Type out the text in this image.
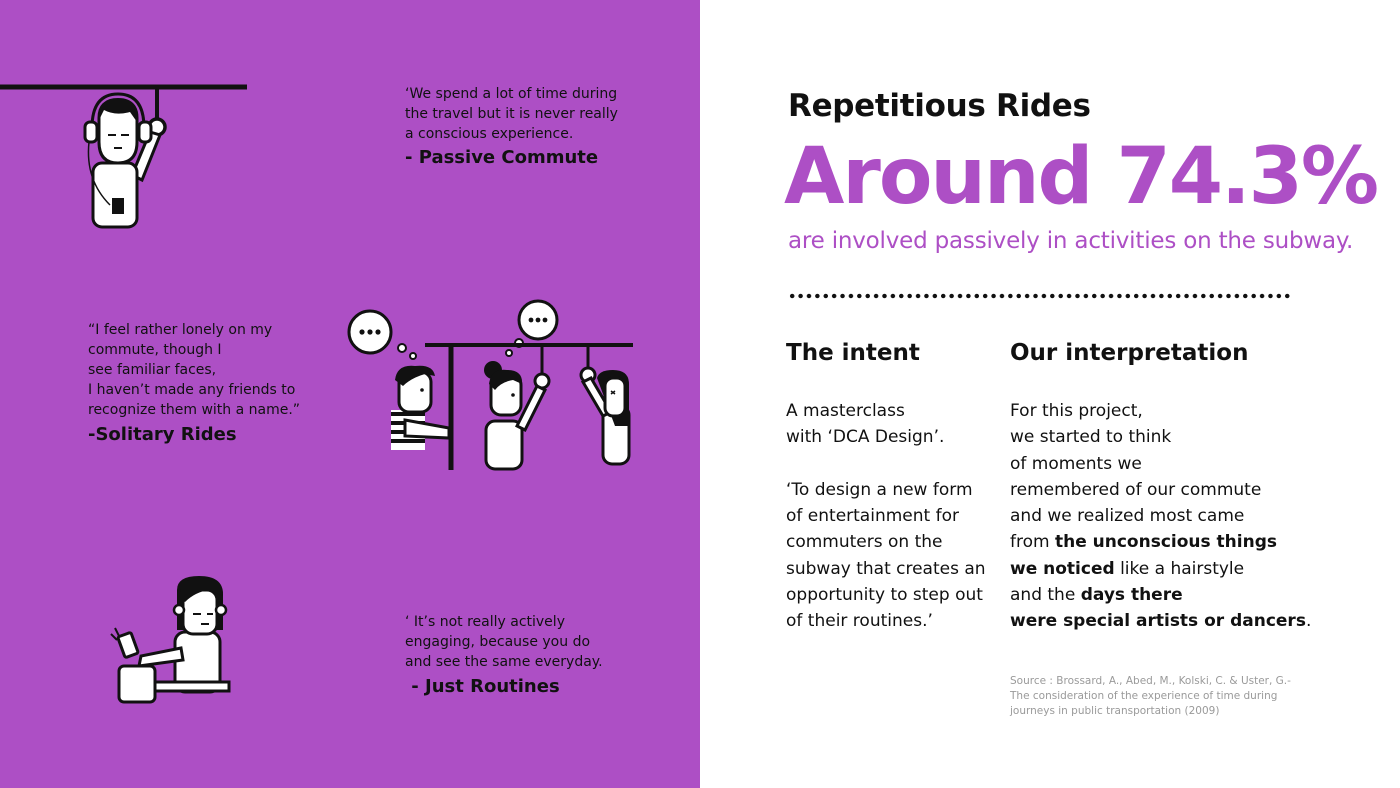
‘We spend a lot of time during
the travel but it is never really
a conscious experience.
- Passive Commute
“I feel rather lonely on my
commute, though I
see familiar faces,
I haven’t made any friends to
recognize them with a name.”
-Solitary Rides
‘ It’s not really actively
engaging, because you do
and see the same everyday.
- Just Routines
Repetitious Rides
Around 74.3%
are involved passively in activities on the subway.
The intent
A masterclass
with ‘DCA Design’.

‘To design a new form
of entertainment for
commuters on the
subway that creates an
opportunity to step out
of their routines.’
Our interpretation
For this project,
we started to think
of moments we
remembered of our commute
and we realized most came
from the unconscious things
we noticed like a hairstyle
and the days there
were special artists or dancers.
Source : Brossard, A., Abed, M., Kolski, C. & Uster, G.- The consideration of the experience of time during journeys in public transportation (2009)
